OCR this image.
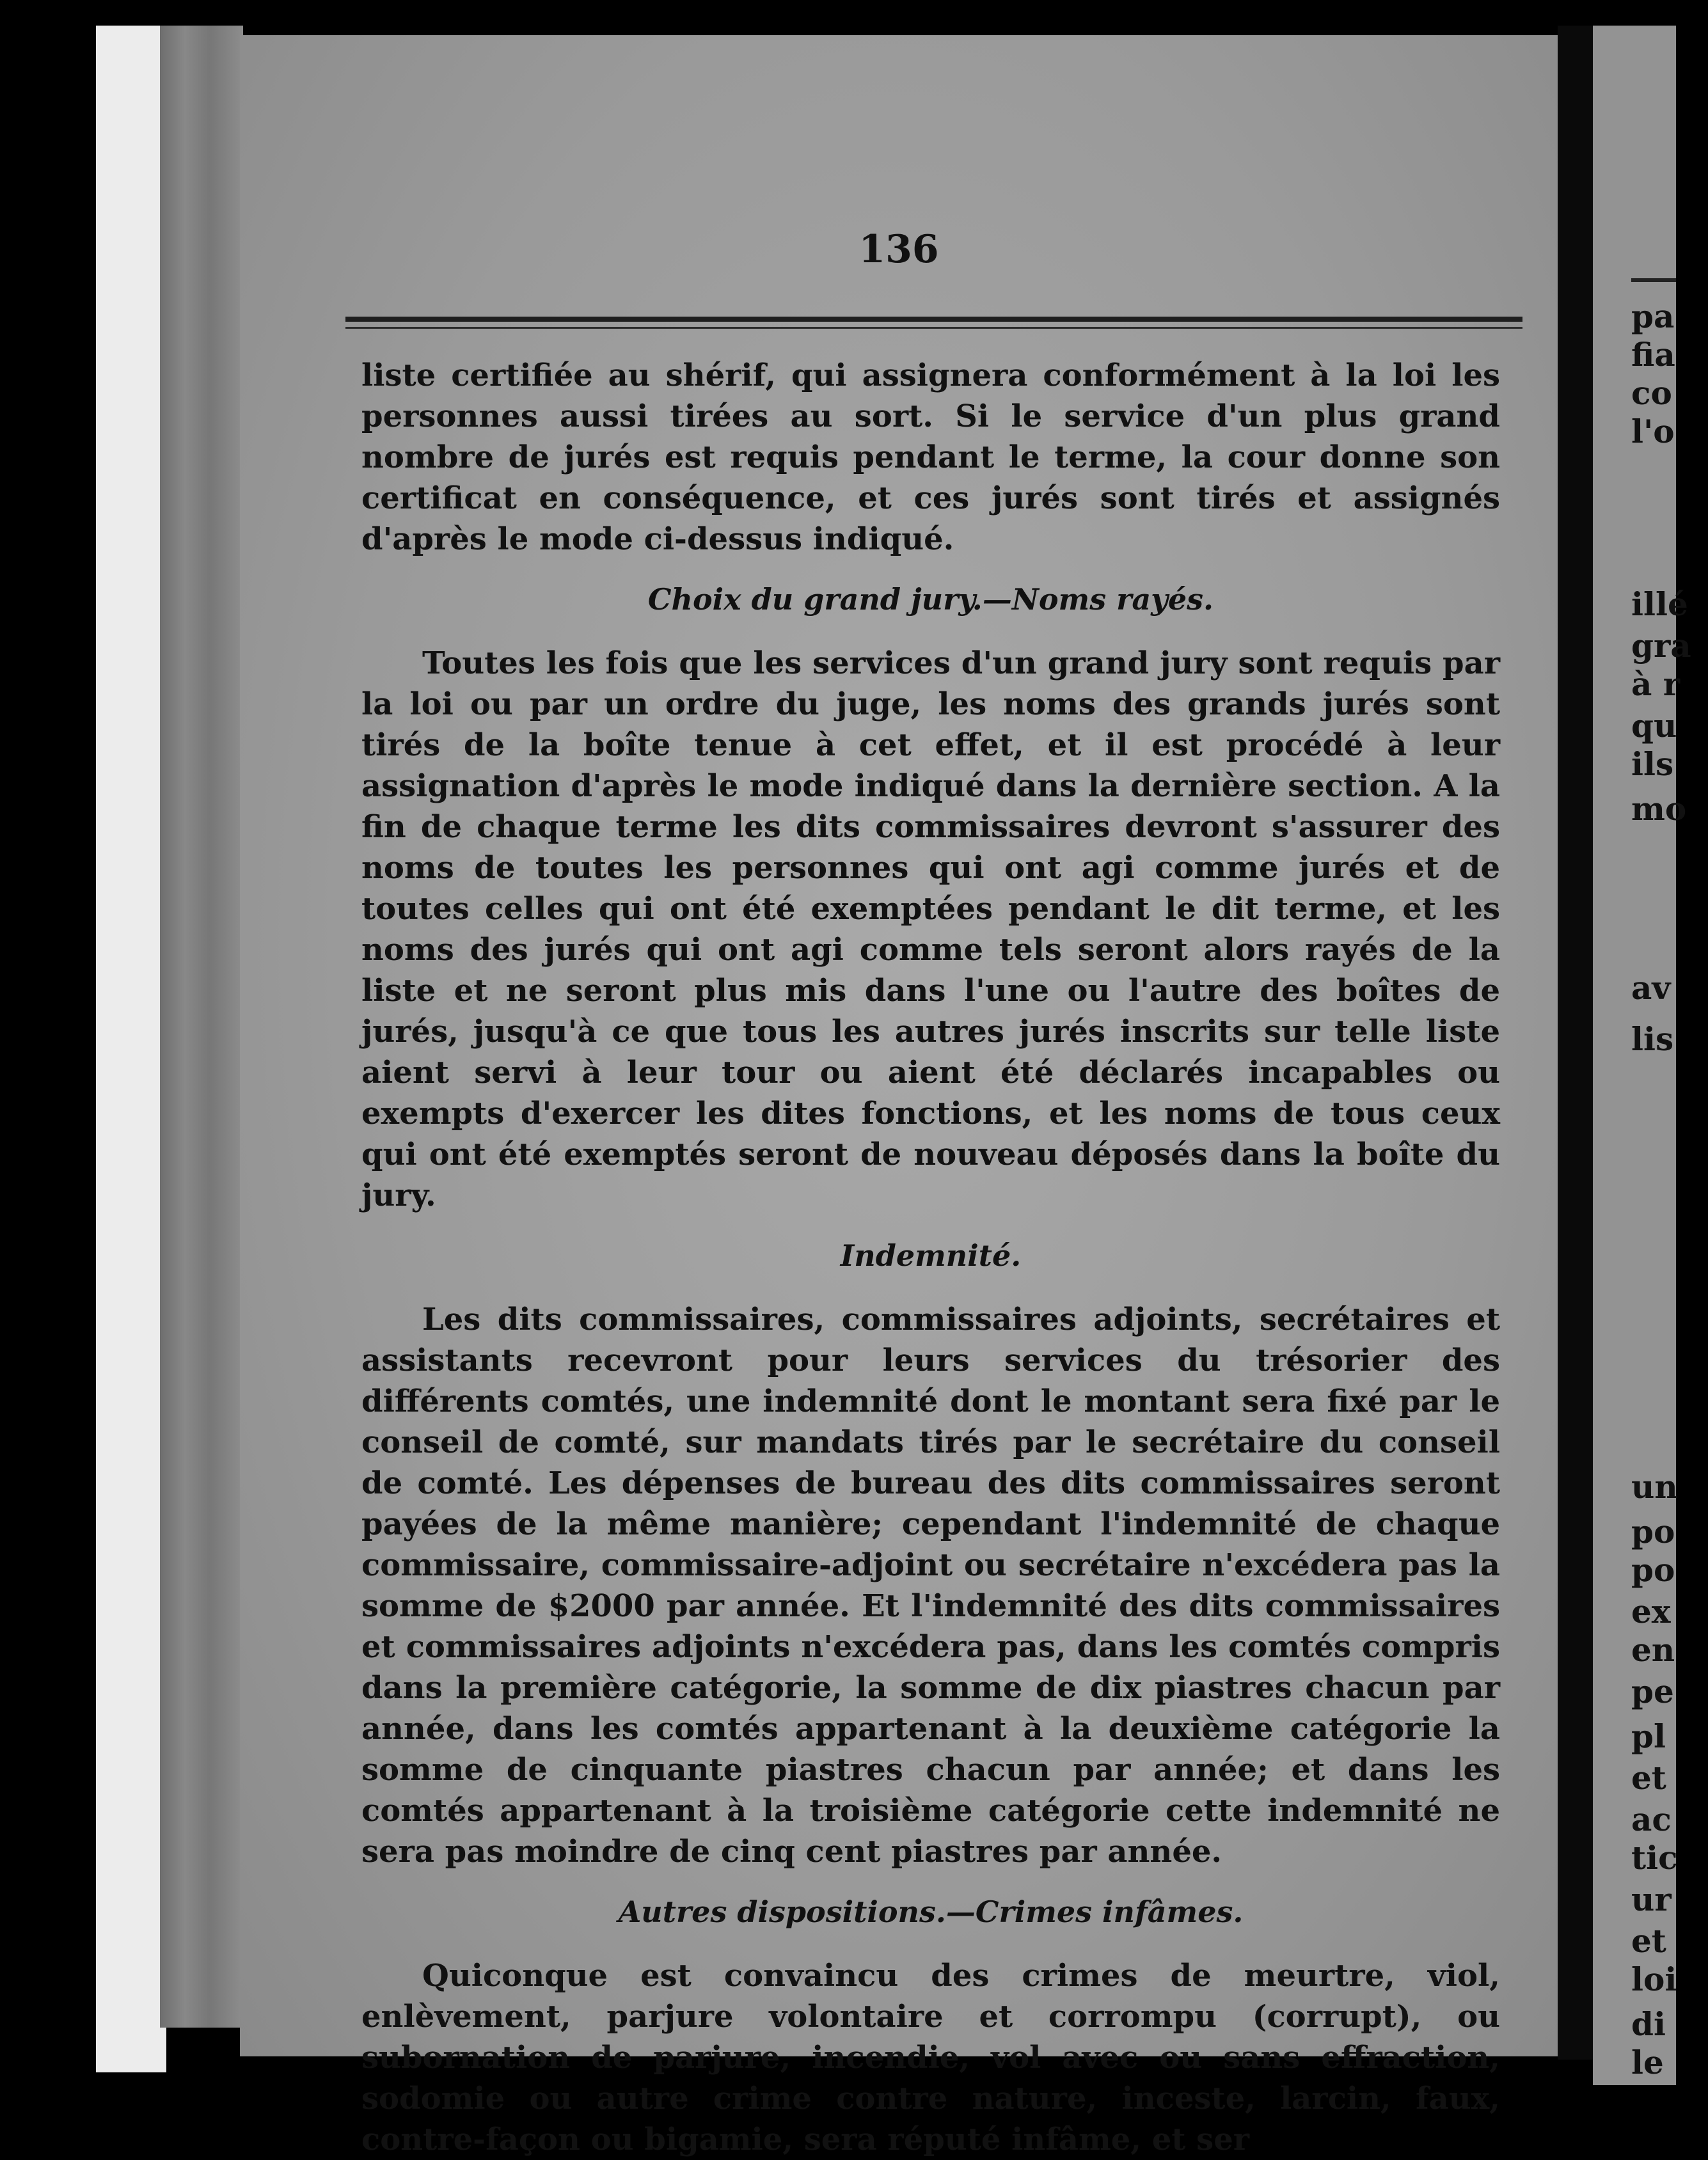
136

liste certifiée au shérif, qui assignera conformément à la loi les personnes aussi tirées au sort. Si le service d'un plus grand nombre de jurés est requis pendant le terme, la cour donne son certificat en conséquence, et ces jurés sont tirés et assignés d'après le mode ci-dessus indiqué.

Choix du grand jury.—Noms rayés.

Toutes les fois que les services d'un grand jury sont requis par la loi ou par un ordre du juge, les noms des grands jurés sont tirés de la boîte tenue à cet effet, et il est procédé à leur assignation d'après le mode indiqué dans la dernière section. A la fin de chaque terme les dits commissaires devront s'assurer des noms de toutes les personnes qui ont agi comme jurés et de toutes celles qui ont été exemptées pendant le dit terme, et les noms des jurés qui ont agi comme tels seront alors rayés de la liste et ne seront plus mis dans l'une ou l'autre des boîtes de jurés, jusqu'à ce que tous les autres jurés inscrits sur telle liste aient servi à leur tour ou aient été déclarés incapables ou exempts d'exercer les dites fonctions, et les noms de tous ceux qui ont été exemptés seront de nouveau déposés dans la boîte du jury.

Indemnité.

Les dits commissaires, commissaires adjoints, secrétaires et assistants recevront pour leurs services du trésorier des différents comtés, une indemnité dont le montant sera fixé par le conseil de comté, sur mandats tirés par le secrétaire du conseil de comté. Les dépenses de bureau des dits commissaires seront payées de la même manière; cependant l'indemnité de chaque commissaire, commissaire-adjoint ou secrétaire n'excédera pas la somme de $2000 par année. Et l'indemnité des dits commissaires et commissaires adjoints n'excédera pas, dans les comtés compris dans la première catégorie, la somme de dix piastres chacun par année, dans les comtés appartenant à la deuxième catégorie la somme de cinquante piastres chacun par année; et dans les comtés appartenant à la troisième catégorie cette indemnité ne sera pas moindre de cinq cent piastres par année.

Autres dispositions.—Crimes infâmes.

Quiconque est convaincu des crimes de meurtre, viol, enlèvement, parjure volontaire et corrompu (corrupt), ou subornation de parjure, incendie, vol avec ou sans effraction, sodomie ou autre crime contre nature, inceste, larcin, faux, contre-façon ou bigamie, sera réputé infâme, et ser

pa
fia
co
l'o
illé
gra
à r
qu
ils
mo
av
lis
un
po
po
ex
en
pe
pl
et
ac
tic
ur
et
loi
di
le
